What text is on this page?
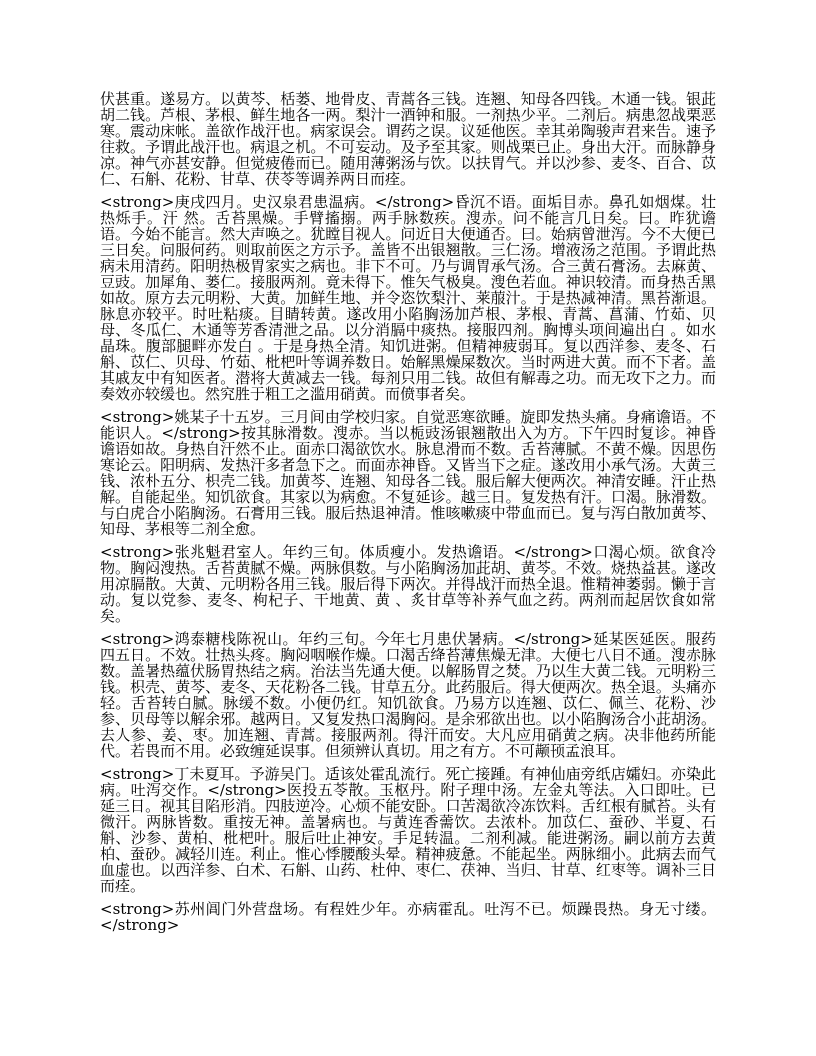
伏甚重。遂易方。以黄芩、栝蒌、地骨皮、青蒿各三钱。连翘、知母各四钱。木通一钱。银茈胡二钱。芦根、茅根、鲜生地各一两。梨汁一酒钟和服。一剂热少平。二剂后。病患忽战栗恶寒。震动床帐。盖欲作战汗也。病家误会。谓药之误。议延他医。幸其弟陶骏声君来告。速予往救。予谓此战汗也。病退之机。不可妄动。及予至其家。则战栗已止。身出大汗。而脉静身凉。神气亦甚安静。但觉疲倦而已。随用薄粥汤与饮。以扶胃气。并以沙参、麦冬、百合、苡仁、石斛、花粉、甘草、茯苓等调养两日而痊。

<strong>庚戌四月。史汉泉君患温病。</strong>昏沉不语。面垢目赤。鼻孔如烟煤。壮热烁手。汗 然。舌苔黑燥。手臂搐搦。两手脉数疾。溲赤。问不能言几日矣。曰。昨犹谵语。今始不能言。然大声唤之。犹瞠目视人。问近日大便通否。曰。始病曾泄泻。今不大便已三日矣。问服何药。则取前医之方示予。盖皆不出银翘散。三仁汤。增液汤之范围。予谓此热病未用清药。阳明热极胃家实之病也。非下不可。乃与调胃承气汤。合三黄石膏汤。去麻黄、豆豉。加犀角、蒌仁。接服两剂。竟未得下。惟矢气极臭。溲色若血。神识较清。而身热舌黑如故。原方去元明粉、大黄。加鲜生地、并令恣饮梨汁、莱菔汁。于是热减神清。黑苔渐退。脉息亦较平。时吐粘痰。目睛转黄。遂改用小陷胸汤加芦根、茅根、青蒿、菖蒲、竹茹、贝母、冬瓜仁、木通等芳香清泄之品。以分消膈中痰热。接服四剂。胸博头项间遍出白 。如水晶珠。腹部腿畔亦发白 。于是身热全清。知饥进粥。但精神疲弱耳。复以西洋参、麦冬、石斛、苡仁、贝母、竹茹、枇杷叶等调养数日。始解黑燥屎数次。当时两进大黄。而不下者。盖其戚友中有知医者。潜将大黄减去一钱。每剂只用二钱。故但有解毒之功。而无攻下之力。而奏效亦较缓也。然究胜于粗工之滥用硝黄。而偾事者矣。

<strong>姚某子十五岁。三月间由学校归家。自觉恶寒欲睡。旋即发热头痛。身痛谵语。不能识人。</strong>按其脉滑数。溲赤。当以栀豉汤银翘散出入为方。下午四时复诊。神昏谵语如故。身热自汗然不止。面赤口渴欲饮水。脉息滑而不数。舌苔薄腻。不黄不燥。因思伤寒论云。阳明病、发热汗多者急下之。而面赤神昏。又皆当下之症。遂改用小承气汤。大黄三钱、浓朴五分、枳壳二钱。加黄芩、连翘、知母各二钱。服后解大便两次。神清安睡。汗止热解。自能起坐。知饥欲食。其家以为病愈。不复延诊。越三日。复发热有汗。口渴。脉滑数。与白虎合小陷胸汤。石膏用三钱。服后热退神清。惟咳嗽痰中带血而已。复与泻白散加黄芩、知母、茅根等二剂全愈。

<strong>张兆魁君室人。年约三旬。体质瘦小。发热谵语。</strong>口渴心烦。欲食冷物。胸闷溲热。舌苔黄腻不燥。两脉俱数。与小陷胸汤加茈胡、黄芩。不效。烧热益甚。遂改用凉膈散。大黄、元明粉各用三钱。服后得下两次。并得战汗而热全退。惟精神萎弱。懒于言动。复以党参、麦冬、枸杞子、干地黄、黄 、炙甘草等补养气血之药。两剂而起居饮食如常矣。

<strong>鸿泰糖栈陈祝山。年约三旬。今年七月患伏暑病。</strong>延某医延医。服药四五日。不效。壮热头疼。胸闷咽喉作燥。口渴舌绛苔薄焦燥无津。大便七八日不通。溲赤脉数。盖暑热蕴伏肠胃热结之病。治法当先通大便。以解肠胃之焚。乃以生大黄二钱。元明粉三钱。枳壳、黄芩、麦冬、天花粉各二钱。甘草五分。此药服后。得大便两次。热全退。头痛亦轻。舌苔转白腻。脉缓不数。小便仍红。知饥欲食。乃易方以连翘、苡仁、佩兰、花粉、沙参、贝母等以解余邪。越两日。又复发热口渴胸闷。是余邪欲出也。以小陷胸汤合小茈胡汤。去人参、姜、枣。加连翘、青蒿。接服两剂。得汗而安。大凡应用硝黄之病。决非他药所能代。若畏而不用。必致缠延误事。但须辨认真切。用之有方。不可颟顸孟浪耳。

<strong>丁未夏耳。予游吴门。适该处霍乱流行。死亡接踵。有神仙庙旁纸店孀妇。亦染此病。吐泻交作。</strong>医投五苓散。玉枢丹。附子理中汤。左金丸等法。入口即吐。已延三日。视其目陷形消。四肢逆冷。心烦不能安卧。口苦渴欲冷冻饮料。舌红根有腻苔。头有微汗。两脉皆数。重按无神。盖暑病也。与黄连香薷饮。去浓朴。加苡仁、蚕砂、半夏、石斛、沙参、黄柏、枇杷叶。服后吐止神安。手足转温。二剂利减。能进粥汤。嗣以前方去黄柏、蚕砂。减轻川连。利止。惟心悸腰酸头晕。精神疲惫。不能起坐。两脉细小。此病去而气血虚也。以西洋参、白术、石斛、山药、杜仲、枣仁、茯神、当归、甘草、红枣等。调补三日而痊。

<strong>苏州阊门外营盘场。有程姓少年。亦病霍乱。吐泻不已。烦躁畏热。身无寸缕。</strong>
